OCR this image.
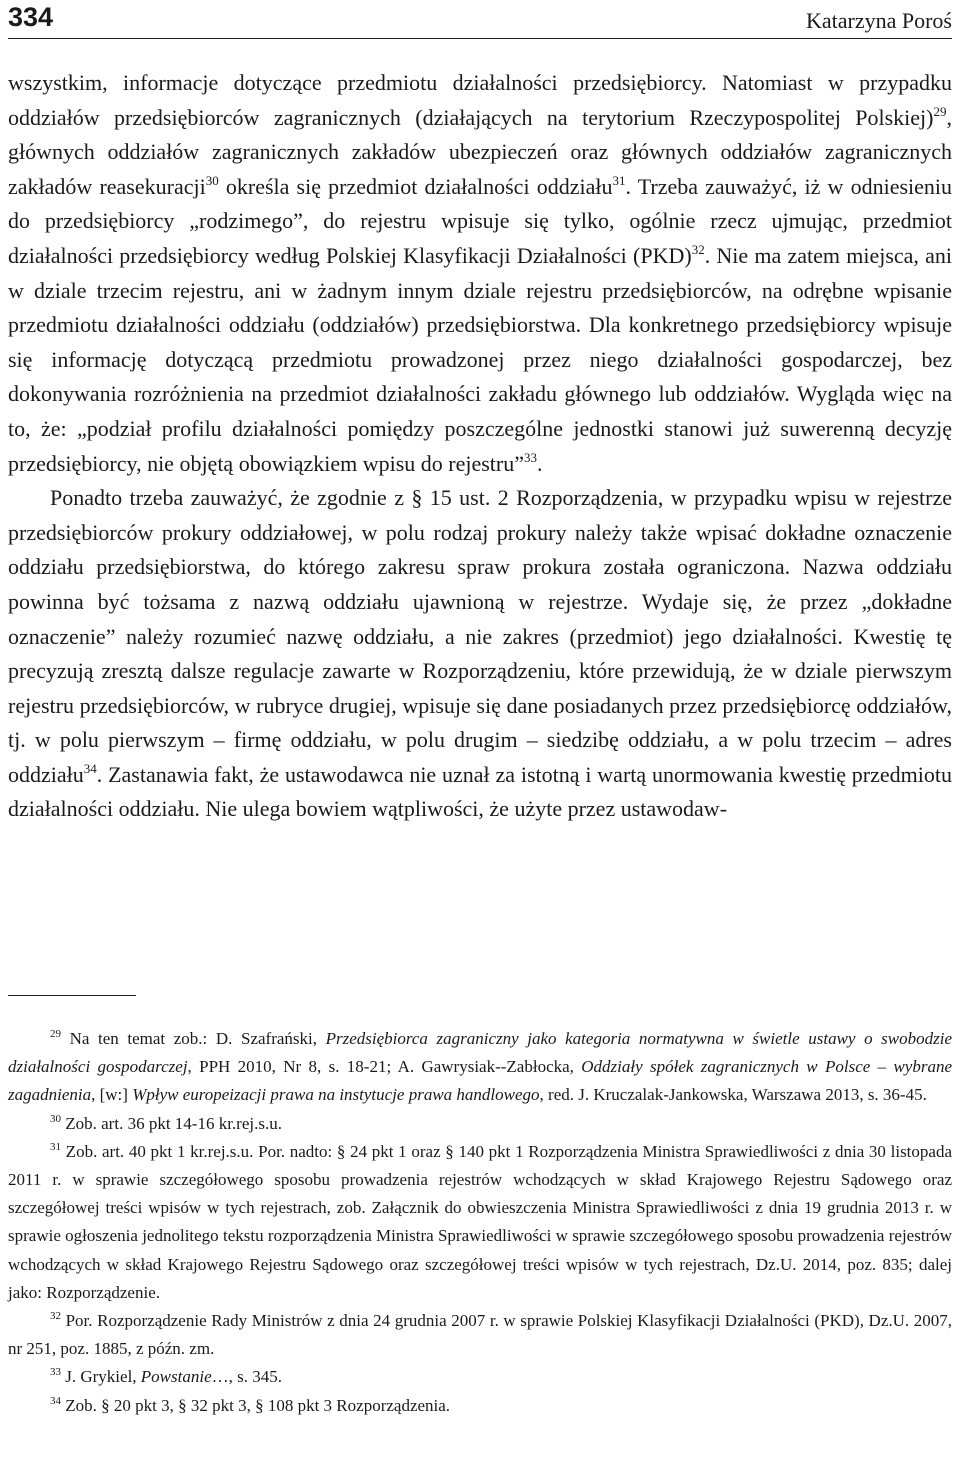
334	Katarzyna Poroś

wszystkim, informacje dotyczące przedmiotu działalności przedsiębiorcy. Natomiast w przypadku oddziałów przedsiębiorców zagranicznych (działających na terytorium Rzeczypospolitej Polskiej)$^{29}$, głównych oddziałów zagranicznych zakładów ubezpieczeń oraz głównych oddziałów zagranicznych zakładów reasekuracji$^{30}$ określa się przedmiot działalności oddziału$^{31}$. Trzeba zauważyć, iż w odniesieniu do przedsiębiorcy „rodzimego”, do rejestru wpisuje się tylko, ogólnie rzecz ujmując, przedmiot działalności przedsiębiorcy według Polskiej Klasyfikacji Działalności (PKD)$^{32}$. Nie ma zatem miejsca, ani w dziale trzecim rejestru, ani w żadnym innym dziale rejestru przedsiębiorców, na odrębne wpisanie przedmiotu działalności oddziału (oddziałów) przedsiębiorstwa. Dla konkretnego przedsiębiorcy wpisuje się informację dotyczącą przedmiotu prowadzonej przez niego działalności gospodarczej, bez dokonywania rozróżnienia na przedmiot działalności zakładu głównego lub oddziałów. Wygląda więc na to, że: „podział profilu działalności pomiędzy poszczególne jednostki stanowi już suwerenną decyzję przedsiębiorcy, nie objętą obowiązkiem wpisu do rejestru”$^{33}$.

Ponadto trzeba zauważyć, że zgodnie z § 15 ust. 2 Rozporządzenia, w przypadku wpisu w rejestrze przedsiębiorców prokury oddziałowej, w polu rodzaj prokury należy także wpisać dokładne oznaczenie oddziału przedsiębiorstwa, do którego zakresu spraw prokura została ograniczona. Nazwa oddziału powinna być tożsama z nazwą oddziału ujawnioną w rejestrze. Wydaje się, że przez „dokładne oznaczenie” należy rozumieć nazwę oddziału, a nie zakres (przedmiot) jego działalności. Kwestię tę precyzują zresztą dalsze regulacje zawarte w Rozporządzeniu, które przewidują, że w dziale pierwszym rejestru przedsiębiorców, w rubryce drugiej, wpisuje się dane posiadanych przez przedsiębiorcę oddziałów, tj. w polu pierwszym – firmę oddziału, w polu drugim – siedzibę oddziału, a w polu trzecim – adres oddziału$^{34}$. Zastanawia fakt, że ustawodawca nie uznał za istotną i wartą unormowania kwestię przedmiotu działalności oddziału. Nie ulega bowiem wątpliwości, że użyte przez ustawodaw-

$^{29}$ Na ten temat zob.: D. Szafrański, Przedsiębiorca zagraniczny jako kategoria normatywna w świetle ustawy o swobodzie działalności gospodarczej, PPH 2010, Nr 8, s. 18-21; A. Gawrysiak--Zabłocka, Oddziały spółek zagranicznych w Polsce – wybrane zagadnienia, [w:] Wpływ europeizacji prawa na instytucje prawa handlowego, red. J. Kruczalak-Jankowska, Warszawa 2013, s. 36-45.

$^{30}$ Zob. art. 36 pkt 14-16 kr.rej.s.u.

$^{31}$ Zob. art. 40 pkt 1 kr.rej.s.u. Por. nadto: § 24 pkt 1 oraz § 140 pkt 1 Rozporządzenia Ministra Sprawiedliwości z dnia 30 listopada 2011 r. w sprawie szczegółowego sposobu prowadzenia rejestrów wchodzących w skład Krajowego Rejestru Sądowego oraz szczegółowej treści wpisów w tych rejestrach, zob. Załącznik do obwieszczenia Ministra Sprawiedliwości z dnia 19 grudnia 2013 r. w sprawie ogłoszenia jednolitego tekstu rozporządzenia Ministra Sprawiedliwości w sprawie szczegółowego sposobu prowadzenia rejestrów wchodzących w skład Krajowego Rejestru Sądowego oraz szczegółowej treści wpisów w tych rejestrach, Dz.U. 2014, poz. 835; dalej jako: Rozporządzenie.

$^{32}$ Por. Rozporządzenie Rady Ministrów z dnia 24 grudnia 2007 r. w sprawie Polskiej Klasyfikacji Działalności (PKD), Dz.U. 2007, nr 251, poz. 1885, z późn. zm.

$^{33}$ J. Grykiel, Powstanie…, s. 345.

$^{34}$ Zob. § 20 pkt 3, § 32 pkt 3, § 108 pkt 3 Rozporządzenia.
